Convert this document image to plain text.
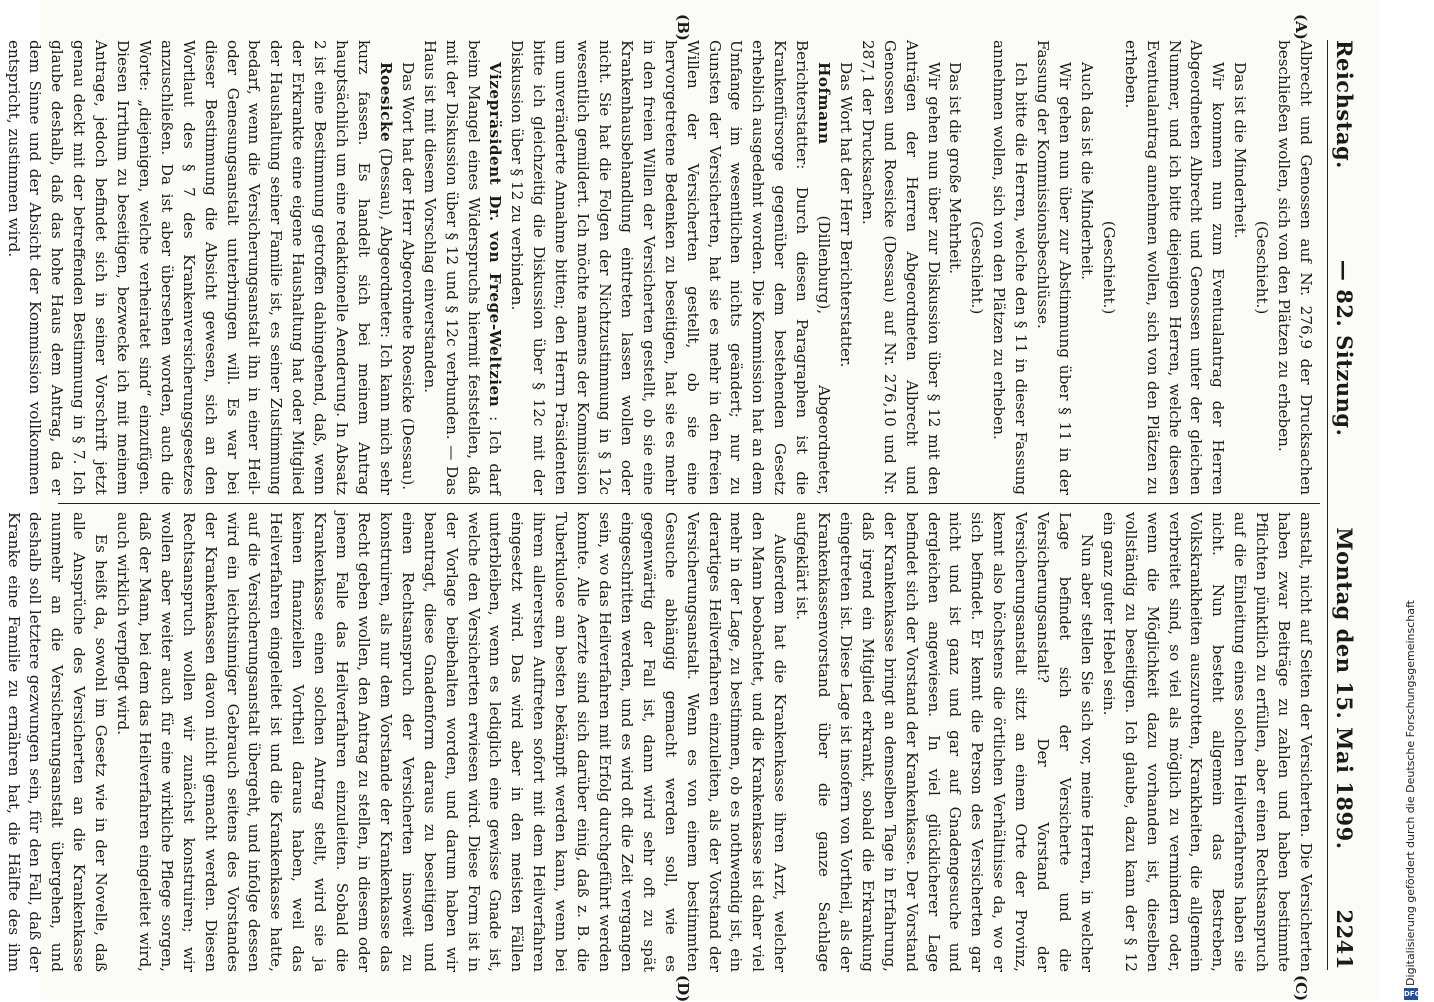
Reichstag.
— 82. Sitzung.
Montag den 15. Mai 1899.
2241
(A)
(B)
(C)
(D)

Albrecht und Genossen auf Nr. 276,9 der Drucksachen beschließen wollen, sich von den Plätzen zu erheben.

(Geschieht.)

Das ist die Minderheit.

Wir kommen nun zum Eventualantrag der Herren Abgeordneten Albrecht und Genossen unter der gleichen Nummer, und ich bitte diejenigen Herren, welche diesen Eventualantrag annehmen wollen, sich von den Plätzen zu erheben.

(Geschieht.)

Auch das ist die Minderheit.

Wir gehen nun über zur Abstimmung über § 11 in der Fassung der Kommissionsbeschlüsse.

Ich bitte die Herren, welche den § 11 in dieser Fassung annehmen wollen, sich von den Plätzen zu erheben.

(Geschieht.)

Das ist die große Mehrheit.

Wir gehen nun über zur Diskussion über § 12 mit den Anträgen der Herren Abgeordneten Albrecht und Genossen und Roesicke (Dessau) auf Nr. 276,10 und Nr. 287,1 der Drucksachen.

Das Wort hat der Herr Berichterstatter.

Hofmann (Dillenburg), Abgeordneter, Berichterstatter: Durch diesen Paragraphen ist die Krankenfürsorge gegenüber dem bestehenden Gesetz erheblich ausgedehnt worden. Die Kommission hat an dem Umfange im wesentlichen nichts geändert; nur zu Gunsten der Versicherten, hat sie es mehr in den freien Willen der Versicherten gestellt, ob sie eine hervorgetretene Bedenken zu beseitigen, hat sie es mehr in den freien Willen der Versicherten gestellt, ob sie eine Krankenhausbehandlung eintreten lassen wollen oder nicht. Sie hat die Folgen der Nichtzustimmung in § 12c wesentlich gemildert. Ich möchte namens der Kommission um unveränderte Annahme bitten; den Herrn Präsidenten bitte ich gleichzeitig die Diskussion über § 12c mit der Diskussion über § 12 zu verbinden.

Vizepräsident Dr. von Frege-Weltzien : Ich darf beim Mangel eines Widerspruchs hiermit feststellen, daß mit der Diskussion über § 12 und § 12c verbunden. — Das Haus ist mit diesem Vorschlag einverstanden.

Das Wort hat der Herr Abgeordnete Roesicke (Dessau).

Roesicke (Dessau), Abgeordneter: Ich kann mich sehr kurz fassen. Es handelt sich bei meinem Antrag hauptsächlich um eine redaktionelle Aenderung. In Absatz 2 ist eine Bestimmung getroffen dahingehend, daß, wenn der Erkrankte eine eigene Haushaltung hat oder Mitglied der Haushaltung seiner Familie ist, es seiner Zustimmung bedarf, wenn die Versicherungsanstalt ihn in einer Heil- oder Genesungsanstalt unterbringen will. Es war bei dieser Bestimmung die Absicht gewesen, sich an den Wortlaut des § 7 des Krankenversicherungsgesetzes anzuschließen. Da ist aber übersehen worden, auch die Worte: „diejenigen, welche verheiratet sind“ einzufügen. Diesen Irrthum zu beseitigen, bezwecke ich mit meinem Antrage, jedoch befindet sich in seiner Vorschrift jetzt genau deckt mit der betreffenden Bestimmung in § 7. Ich glaube deshalb, daß das hohe Haus dem Antrag, da er dem Sinne und der Absicht der Kommission vollkommen entspricht, zustimmen wird.

anstalt, nicht auf Seiten der Versicherten. Die Versicherten haben zwar Beiträge zu zahlen und haben bestimmte Pflichten pünktlich zu erfüllen, aber einen Rechtsanspruch auf die Einleitung eines solchen Heilverfahrens haben sie nicht. Nun besteht allgemein das Bestreben, Volkskrankheiten auszurotten, Krankheiten, die allgemein verbreitet sind, so viel als möglich zu vermindern oder, wenn die Möglichkeit dazu vorhanden ist, dieselben vollständig zu beseitigen. Ich glaube, dazu kann der § 12 ein ganz guter Hebel sein.

Nun aber stellen Sie sich vor, meine Herren, in welcher Lage befindet sich der Versicherte und die Versicherungsanstalt? Der Vorstand der Versicherungsanstalt sitzt an einem Orte der Provinz, kennt also höchstens die örtlichen Verhältnisse da, wo er sich befindet. Er kennt die Person des Versicherten gar nicht und ist ganz und gar auf Gnadengesuche und dergleichen angewiesen. In viel glücklicherer Lage befindet sich der Vorstand der Krankenkasse. Der Vorstand der Krankenkasse bringt an demselben Tage in Erfahrung, daß irgend ein Mitglied erkrankt, sobald die Erkrankung eingetreten ist. Diese Lage ist insofern von Vortheil, als der Krankenkassenvorstand über die ganze Sachlage aufgeklärt ist.

Außerdem hat die Krankenkasse ihren Arzt, welcher den Mann beobachtet, und die Krankenkasse ist daher viel mehr in der Lage, zu bestimmen, ob es nothwendig ist, ein derartiges Heilverfahren einzuleiten, als der Vorstand der Versicherungsanstalt. Wenn es von einem bestimmten Gesuche abhängig gemacht werden soll, wie es gegenwärtig der Fall ist, dann wird sehr oft zu spät eingeschritten werden, und es wird oft die Zeit vergangen sein, wo das Heilverfahren mit Erfolg durchgeführt werden konnte. Alle Aerzte sind sich darüber einig, daß z. B. die Tuberkulose am besten bekämpft werden kann, wenn bei ihrem allerersten Auftreten sofort mit dem Heilverfahren eingesetzt wird. Das wird aber in den meisten Fällen unterbleiben, wenn es lediglich eine gewisse Gnade ist, welche den Versicherten erwiesen wird. Diese Form ist in der Vorlage beibehalten worden, und darum haben wir beantragt, diese Gnadenform daraus zu beseitigen und einen Rechtsanspruch der Versicherten insoweit zu konstruiren, als nur dem Vorstande der Krankenkasse das Recht geben wollen, den Antrag zu stellen, in diesem oder jenem Falle das Heilverfahren einzuleiten. Sobald die Krankenkasse einen solchen Antrag stellt, wird sie ja keinen finanziellen Vortheil daraus haben, weil das Heilverfahren eingeleitet ist und die Krankenkasse hatte, auf die Versicherungsanstalt übergeht, und infolge dessen wird ein leichtsinniger Gebrauch seitens des Vorstandes der Krankenkassen davon nicht gemacht werden. Diesen Rechtsanspruch wollen wir zunächst konstruiren; wir wollen aber weiter auch für eine wirkliche Pflege sorgen, daß der Mann, bei dem das Heilverfahren eingeleitet wird, auch wirklich verpflegt wird.

Es heißt da, sowohl im Gesetz wie in der Novelle, daß alle Ansprüche des Versicherten an die Krankenkasse nunmehr an die Versicherungsanstalt übergehen, und deshalb soll letztere gezwungen sein, für den Fall, daß der Kranke eine Familie zu ernähren hat, die Hälfte des ihm	Digitalisierung gefördert durch die Deutsche Forschungsgemeinschaft
DFG
